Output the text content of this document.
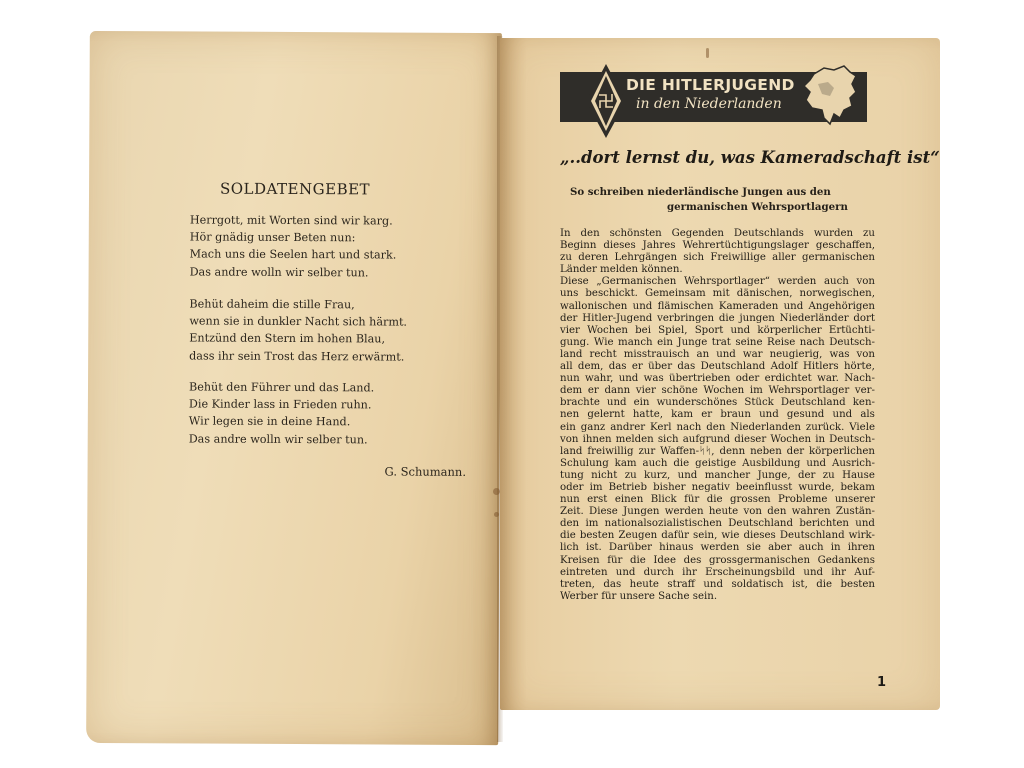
SOLDATENGEBET
Herrgott, mit Worten sind wir karg.
Hör gnädig unser Beten nun:
Mach uns die Seelen hart und stark.
Das andre wolln wir selber tun.
Behüt daheim die stille Frau,
wenn sie in dunkler Nacht sich härmt.
Entzünd den Stern im hohen Blau,
dass ihr sein Trost das Herz erwärmt.
Behüt den Führer und das Land.
Die Kinder lass in Frieden ruhn.
Wir legen sie in deine Hand.
Das andre wolln wir selber tun.
G. Schumann.
DIE HITLERJUGEND
in den Niederlanden
„..dort lernst du, was Kameradschaft ist“
So schreiben niederländische Jungen aus den
germanischen Wehrsportlagern
In den schönsten Gegenden Deutschlands wurden zu
Beginn dieses Jahres Wehrertüchtigungslager geschaffen,
zu deren Lehrgängen sich Freiwillige aller germanischen
Länder melden können.
Diese „Germanischen Wehrsportlager“ werden auch von
uns beschickt. Gemeinsam mit dänischen, norwegischen,
wallonischen und flämischen Kameraden und Angehörigen
der Hitler-Jugend verbringen die jungen Niederländer dort
vier Wochen bei Spiel, Sport und körperlicher Ertüchti-
gung. Wie manch ein Junge trat seine Reise nach Deutsch-
land recht misstrauisch an und war neugierig, was von
all dem, das er über das Deutschland Adolf Hitlers hörte,
nun wahr, und was übertrieben oder erdichtet war. Nach-
dem er dann vier schöne Wochen im Wehrsportlager ver-
brachte und ein wunderschönes Stück Deutschland ken-
nen gelernt hatte, kam er braun und gesund und als
ein ganz andrer Kerl nach den Niederlanden zurück. Viele
von ihnen melden sich aufgrund dieser Wochen in Deutsch-
land freiwillig zur Waffen-ᛋᛋ, denn neben der körperlichen
Schulung kam auch die geistige Ausbildung und Ausrich-
tung nicht zu kurz, und mancher Junge, der zu Hause
oder im Betrieb bisher negativ beeinflusst wurde, bekam
nun erst einen Blick für die grossen Probleme unserer
Zeit. Diese Jungen werden heute von den wahren Zustän-
den im nationalsozialistischen Deutschland berichten und
die besten Zeugen dafür sein, wie dieses Deutschland wirk-
lich ist. Darüber hinaus werden sie aber auch in ihren
Kreisen für die Idee des grossgermanischen Gedankens
eintreten und durch ihr Erscheinungsbild und ihr Auf-
treten, das heute straff und soldatisch ist, die besten
Werber für unsere Sache sein.
1
